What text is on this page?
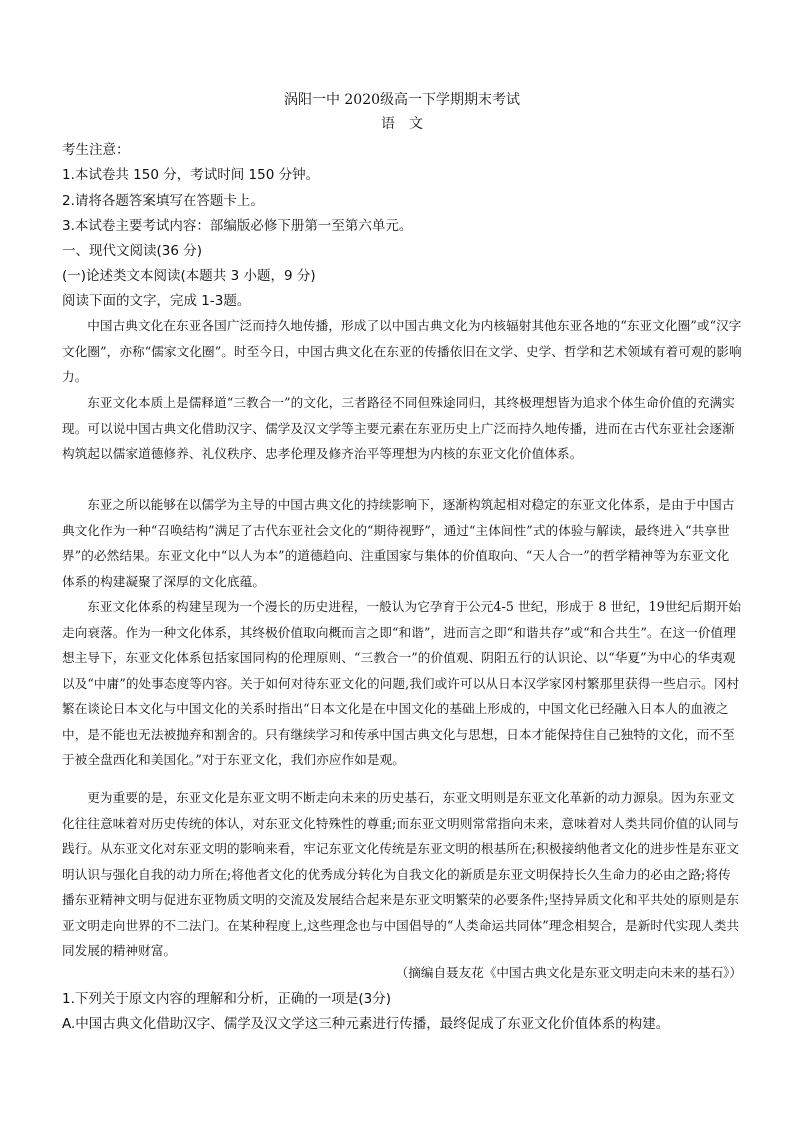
涡阳一中 2020级高一下学期期末考试
语　文
考生注意：
1.本试卷共 150 分，考试时间 150 分钟。
2.请将各题答案填写在答题卡上。
3.本试卷主要考试内容：部编版必修下册第一至第六单元。
一、现代文阅读(36 分)
(一)论述类文本阅读(本题共 3 小题，9 分)
阅读下面的文字，完成 1-3题。

中国古典文化在东亚各国广泛而持久地传播，形成了以中国古典文化为内核辐射其他东亚各地的“东亚文化圈”或“汉字文化圈”，亦称“儒家文化圈”。时至今日，中国古典文化在东亚的传播依旧在文学、史学、哲学和艺术领域有着可观的影响力。

东亚文化本质上是儒释道“三教合一”的文化，三者路径不同但殊途同归，其终极理想皆为追求个体生命价值的充满实现。可以说中国古典文化借助汉字、儒学及汉文学等主要元素在东亚历史上广泛而持久地传播，进而在古代东亚社会逐渐构筑起以儒家道德修养、礼仪秩序、忠孝伦理及修齐治平等理想为内核的东亚文化价值体系。

东亚之所以能够在以儒学为主导的中国古典文化的持续影响下，逐渐构筑起相对稳定的东亚文化体系，是由于中国古典文化作为一种“召唤结构”满足了古代东亚社会文化的“期待视野”，通过“主体间性”式的体验与解读，最终进入“共享世界”的必然结果。东亚文化中“以人为本”的道德趋向、注重国家与集体的价值取向、“天人合一”的哲学精神等为东亚文化体系的构建凝聚了深厚的文化底蕴。

东亚文化体系的构建呈现为一个漫长的历史进程，一般认为它孕育于公元4-5 世纪，形成于 8 世纪，19世纪后期开始走向衰落。作为一种文化体系，其终极价值取向概而言之即“和谐”，进而言之即“和谐共存”或“和合共生”。在这一价值理想主导下，东亚文化体系包括家国同构的伦理原则、“三教合一”的价值观、阴阳五行的认识论、以“华夏”为中心的华夷观以及“中庸”的处事态度等内容。关于如何对待东亚文化的问题,我们或许可以从日本汉学家冈村繁那里获得一些启示。冈村繁在谈论日本文化与中国文化的关系时指出“日本文化是在中国文化的基础上形成的，中国文化已经融入日本人的血液之中，是不能也无法被抛弃和割舍的。只有继续学习和传承中国古典文化与思想，日本才能保持住自己独特的文化，而不至于被全盘西化和美国化。”对于东亚文化，我们亦应作如是观。

更为重要的是，东亚文化是东亚文明不断走向未来的历史基石，东亚文明则是东亚文化革新的动力源泉。因为东亚文化往往意味着对历史传统的体认，对东亚文化特殊性的尊重;而东亚文明则常常指向未来，意味着对人类共同价值的认同与践行。从东亚文化对东亚文明的影响来看，牢记东亚文化传统是东亚文明的根基所在;积极接纳他者文化的进步性是东亚文明认识与强化自我的动力所在;将他者文化的优秀成分转化为自我文化的新质是东亚文明保持长久生命力的必由之路;将传播东亚精神文明与促进东亚物质文明的交流及发展结合起来是东亚文明繁荣的必要条件;坚持异质文化和平共处的原则是东亚文明走向世界的不二法门。在某种程度上,这些理念也与中国倡导的“人类命运共同体”理念相契合，是新时代实现人类共同发展的精神财富。

（摘编自聂友花《中国古典文化是东亚文明走向未来的基石》）
1.下列关于原文内容的理解和分析，正确的一项是(3分)
A.中国古典文化借助汉字、儒学及汉文学这三种元素进行传播，最终促成了东亚文化价值体系的构建。
